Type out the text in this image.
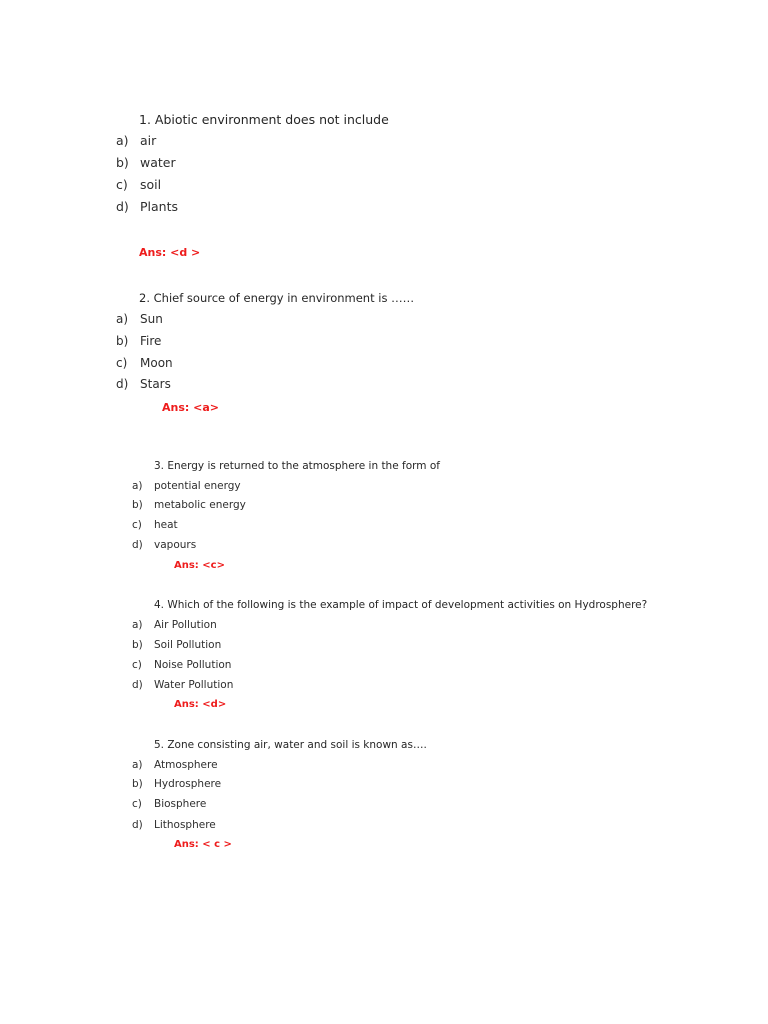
1. Abiotic environment does not include
a) air
b) water
c) soil
d) Plants
Ans: <d >
2. Chief source of energy in environment is ……
a) Sun
b) Fire
c) Moon
d) Stars
Ans: <a>
3. Energy is returned to the atmosphere in the form of
a) potential energy
b) metabolic energy
c) heat
d) vapours
Ans: <c>
4. Which of the following is the example of impact of development activities on Hydrosphere?
a) Air Pollution
b) Soil Pollution
c) Noise Pollution
d) Water Pollution
Ans: <d>
5. Zone consisting air, water and soil is known as….
a) Atmosphere
b) Hydrosphere
c) Biosphere
d) Lithosphere
Ans: < c >
